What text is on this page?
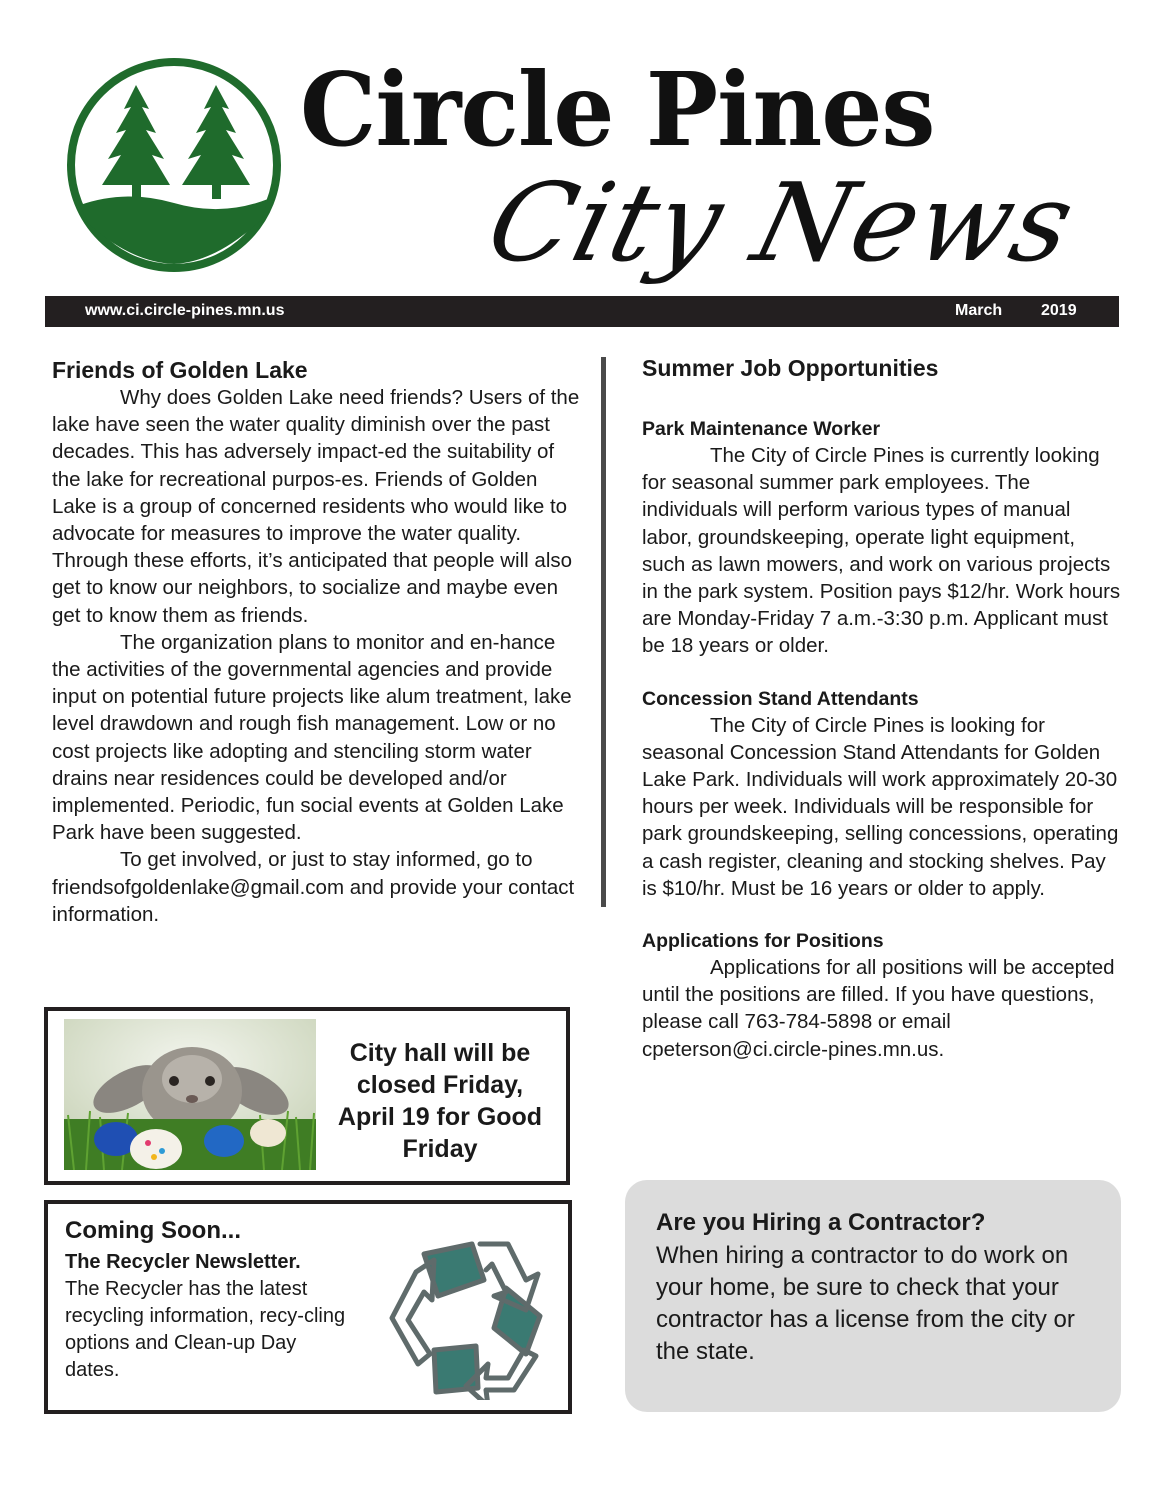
Circle Pines
City News
www.ci.circle-pines.mn.us	March 2019
Friends of Golden Lake

Why does Golden Lake need friends? Users of the lake have seen the water quality diminish over the past decades. This has adversely impact-ed the suitability of the lake for recreational purpos-es. Friends of Golden Lake is a group of concerned residents who would like to advocate for measures to improve the water quality. Through these efforts, it’s anticipated that people will also get to know our neighbors, to socialize and maybe even get to know them as friends.

The organization plans to monitor and en-hance the activities of the governmental agencies and provide input on potential future projects like alum treatment, lake level drawdown and rough fish management. Low or no cost projects like adopting and stenciling storm water drains near residences could be developed and/or implemented. Periodic, fun social events at Golden Lake Park have been suggested.

To get involved, or just to stay informed, go to friendsofgoldenlake@gmail.com and provide your contact information.

City hall will be closed Friday, April 19 for Good Friday
Coming Soon...
The Recycler Newsletter.

The Recycler has the latest recycling information, recy-cling options and Clean-up Day dates.

Summer Job Opportunities
Park Maintenance Worker

The City of Circle Pines is currently looking for seasonal summer park employees. The individuals will perform various types of manual labor, groundskeeping, operate light equipment, such as lawn mowers, and work on various projects in the park system. Position pays $12/hr. Work hours are Monday-Friday 7 a.m.-3:30 p.m. Applicant must be 18 years or older.

Concession Stand Attendants

The City of Circle Pines is looking for seasonal Concession Stand Attendants for Golden Lake Park. Individuals will work approximately 20-30 hours per week. Individuals will be responsible for park groundskeeping, selling concessions, operating a cash register, cleaning and stocking shelves. Pay is $10/hr. Must be 16 years or older to apply.

Applications for Positions

Applications for all positions will be accepted until the positions are filled. If you have questions, please call 763-784-5898 or email cpeterson@ci.circle-pines.mn.us.

Are you Hiring a Contractor?

When hiring a contractor to do work on your home, be sure to check that your contractor has a license from the city or the state.
